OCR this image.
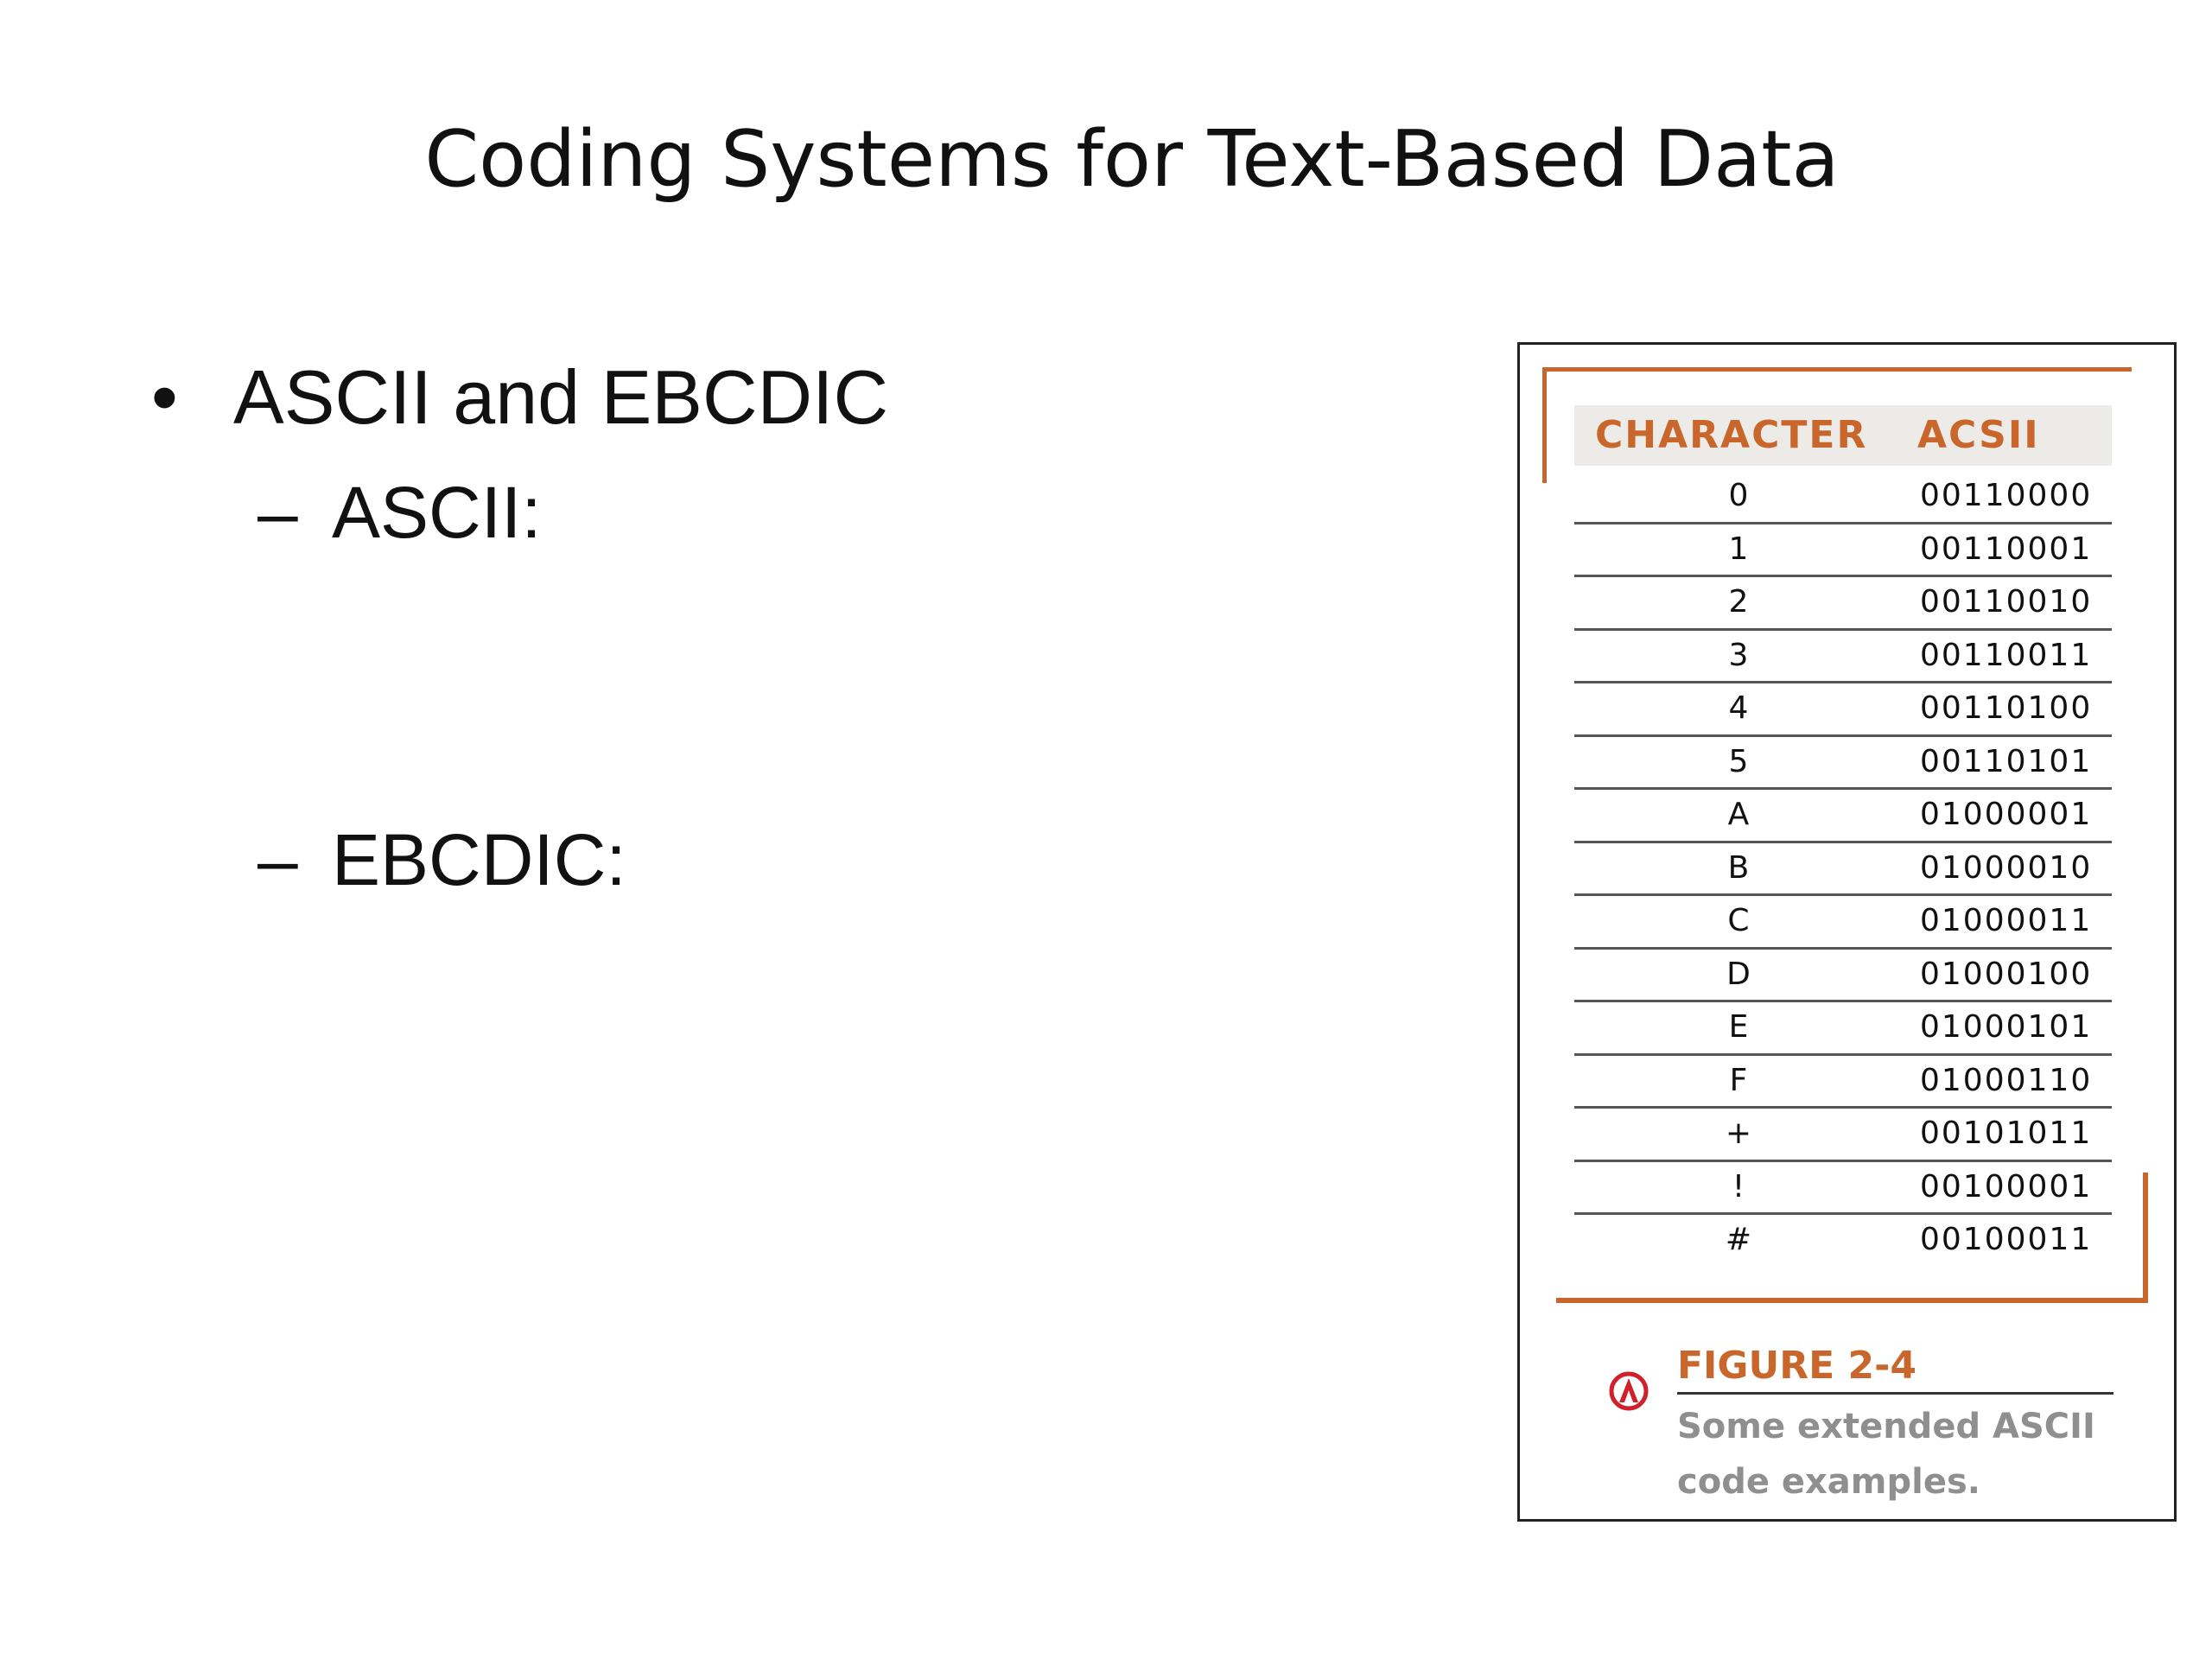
Coding Systems for Text-Based Data
• ASCII and EBCDIC
– ASCII:
– EBCDIC:
CHARACTER ACSII
0	00110000
1	00110001
2	00110010
3	00110011
4	00110100
5	00110101
A	01000001
B	01000010
C	01000011
D	01000100
E	01000101
F	01000110
+	00101011
!	00100001
#	00100011
FIGURE 2-4
Some extended ASCII code examples.
